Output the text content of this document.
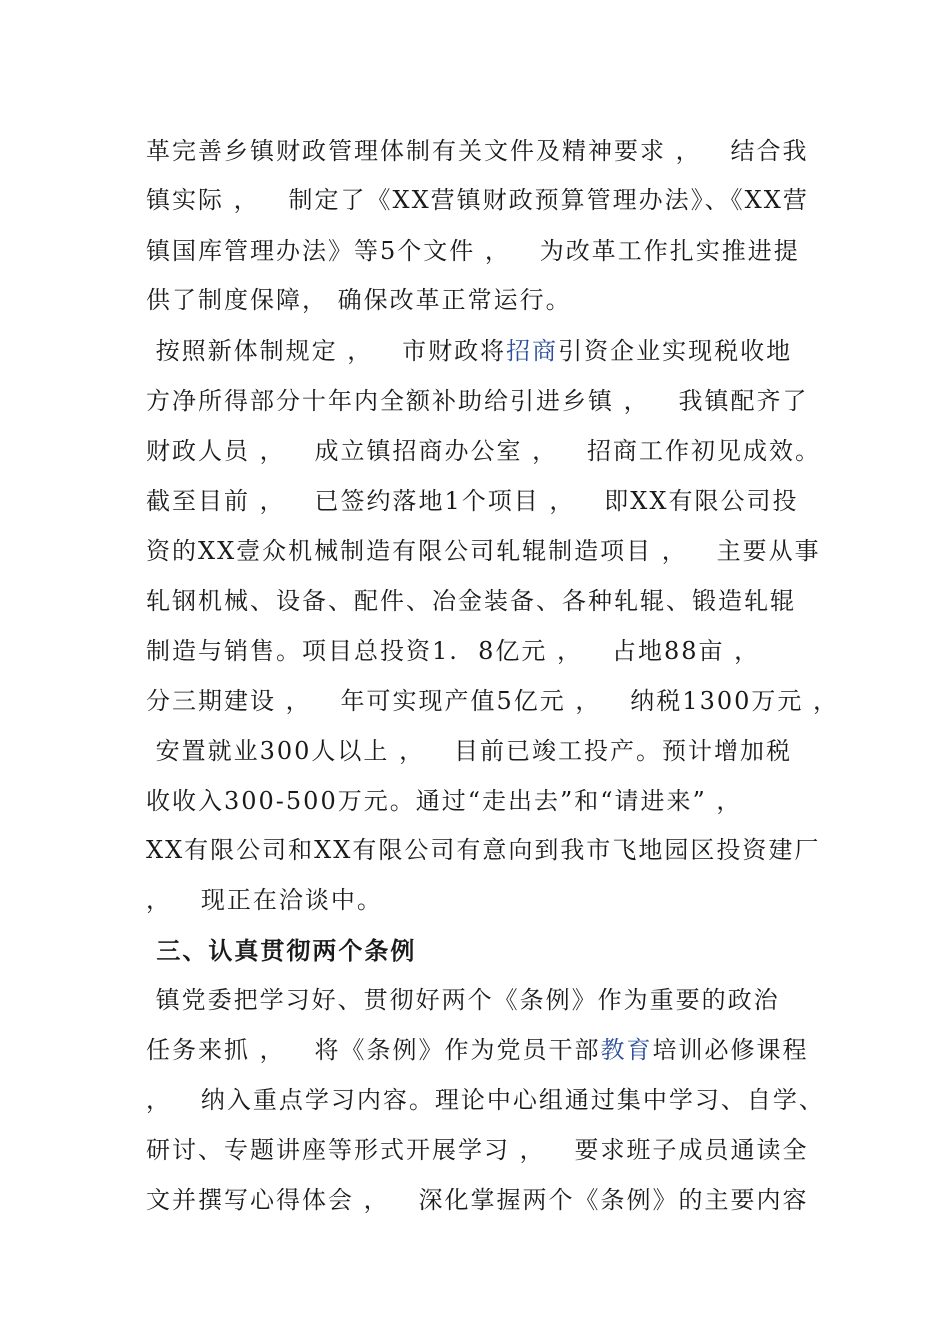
革完善乡镇财政管理体制有关文件及精神要求 ，   结合我
镇实际 ，   制定了《XX营镇财政预算管理办法》、《XX营
镇国库管理办法》等5个文件 ，   为改革工作扎实推进提
供了制度保障， 确保改革正常运行。
按照新体制规定 ，   市财政将招商引资企业实现税收地
方净所得部分十年内全额补助给引进乡镇 ，   我镇配齐了
财政人员 ，   成立镇招商办公室 ，   招商工作初见成效。
截至目前 ，   已签约落地1个项目 ，   即XX有限公司投
资的XX壹众机械制造有限公司轧辊制造项目 ，   主要从事
轧钢机械、设备、配件、冶金装备、各种轧辊、锻造轧辊
制造与销售。项目总投资1.  8亿元 ，   占地88亩 ，
分三期建设 ，   年可实现产值5亿元 ，   纳税1300万元 ，
安置就业300人以上 ，   目前已竣工投产。预计增加税
收收入300-500万元。通过“走出去”和“请进来” ，
XX有限公司和XX有限公司有意向到我市飞地园区投资建厂
，   现正在洽谈中。
三、认真贯彻两个条例
镇党委把学习好、贯彻好两个《条例》作为重要的政治
任务来抓 ，   将《条例》作为党员干部教育培训必修课程
，   纳入重点学习内容。理论中心组通过集中学习、自学、
研讨、专题讲座等形式开展学习 ，   要求班子成员通读全
文并撰写心得体会 ，   深化掌握两个《条例》的主要内容
